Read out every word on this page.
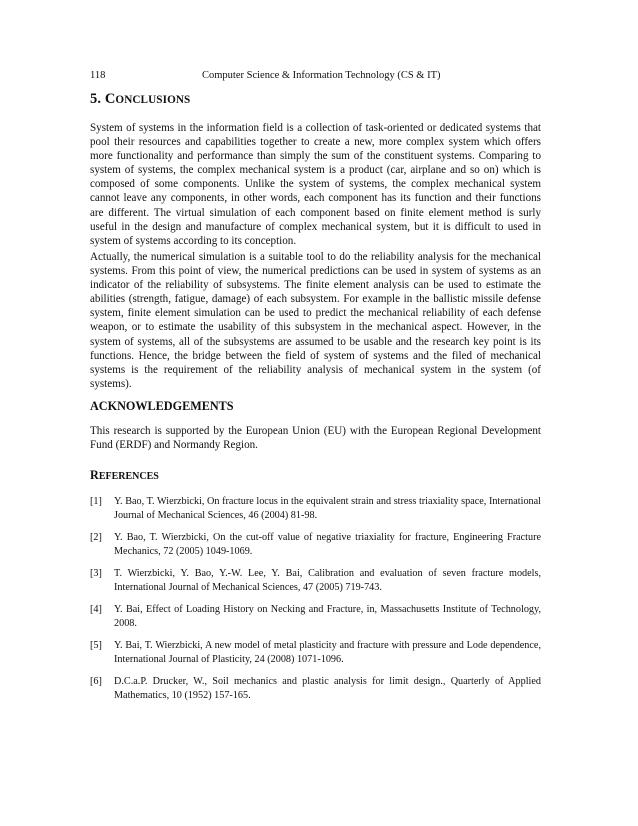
118	Computer Science & Information Technology (CS & IT)
5. CONCLUSIONS

System of systems in the information field is a collection of task-oriented or dedicated systems that pool their resources and capabilities together to create a new, more complex system which offers more functionality and performance than simply the sum of the constituent systems. Comparing to system of systems, the complex mechanical system is a product (car, airplane and so on) which is composed of some components. Unlike the system of systems, the complex mechanical system cannot leave any components, in other words, each component has its function and their functions are different. The virtual simulation of each component based on finite element method is surly useful in the design and manufacture of complex mechanical system, but it is difficult to used in system of systems according to its conception.

Actually, the numerical simulation is a suitable tool to do the reliability analysis for the mechanical systems. From this point of view, the numerical predictions can be used in system of systems as an indicator of the reliability of subsystems. The finite element analysis can be used to estimate the abilities (strength, fatigue, damage) of each subsystem. For example in the ballistic missile defense system, finite element simulation can be used to predict the mechanical reliability of each defense weapon, or to estimate the usability of this subsystem in the mechanical aspect. However, in the system of systems, all of the subsystems are assumed to be usable and the research key point is its functions. Hence, the bridge between the field of system of systems and the filed of mechanical systems is the requirement of the reliability analysis of mechanical system in the system (of systems).

ACKNOWLEDGEMENTS

This research is supported by the European Union (EU) with the European Regional Development Fund (ERDF) and Normandy Region.

REFERENCES
[1] Y. Bao, T. Wierzbicki, On fracture locus in the equivalent strain and stress triaxiality space, International Journal of Mechanical Sciences, 46 (2004) 81-98.
[2] Y. Bao, T. Wierzbicki, On the cut-off value of negative triaxiality for fracture, Engineering Fracture Mechanics, 72 (2005) 1049-1069.
[3] T. Wierzbicki, Y. Bao, Y.-W. Lee, Y. Bai, Calibration and evaluation of seven fracture models, International Journal of Mechanical Sciences, 47 (2005) 719-743.
[4] Y. Bai, Effect of Loading History on Necking and Fracture, in, Massachusetts Institute of Technology, 2008.
[5] Y. Bai, T. Wierzbicki, A new model of metal plasticity and fracture with pressure and Lode dependence, International Journal of Plasticity, 24 (2008) 1071-1096.
[6] D.C.a.P. Drucker, W., Soil mechanics and plastic analysis for limit design., Quarterly of Applied Mathematics, 10 (1952) 157-165.
